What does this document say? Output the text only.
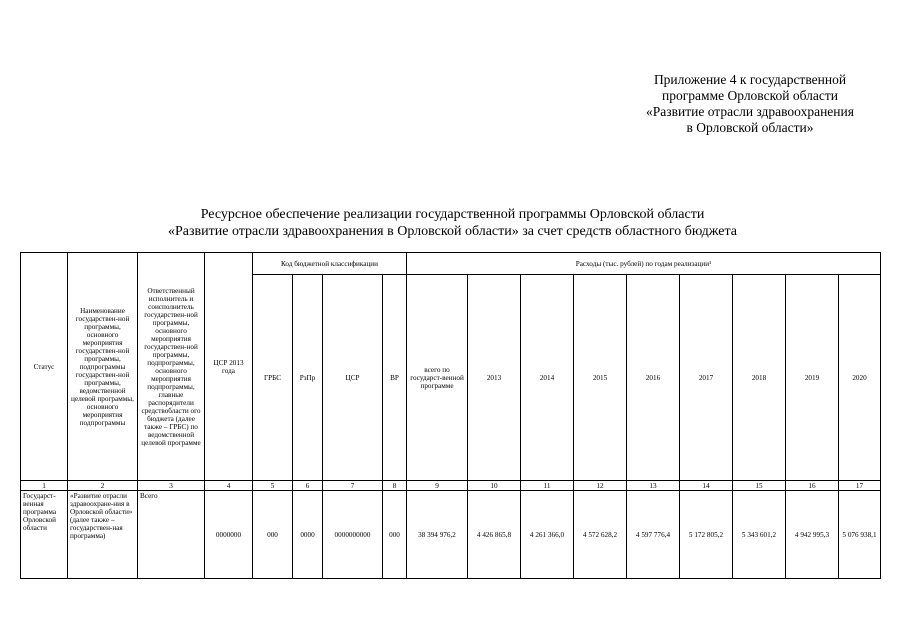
Приложение 4 к государственной
программе Орловской области
«Развитие отрасли здравоохранения
в Орловской области»
Ресурсное обеспечение реализации государственной программы Орловской области
«Развитие отрасли здравоохранения в Орловской области» за счет средств областного бюджета
Статус	Наименование государствен-ной программы, основного мероприятия государствен-ной программы, подпрограммы государствен-ной программы, ведомственной целевой программы, основного мероприятия подпрограммы	Ответственный исполнитель и соисполнитель государствен-ной программы, основного мероприятия государствен-ной программы, подпрограммы, основного мероприятия подпрограммы, главные распорядители средствобласти ого бюджета (далее также – ГРБС) по ведомственной целевой программе	ЦСР 2013 года	Код бюджетной классификации				Расходы (тыс. рублей) по годам реализации¹								
				ГРБС	РзПр	ЦСР	ВР	всего по государст-венной программе	2013	2014	2015	2016	2017	2018	2019	2020
1	2	3	4	5	6	7	8	9	10	11	12	13	14	15	16	17
Государст-венная программа Орловской области	«Развитие отрасли здравоохране-ния в Орловской области» (далее также – государствен-ная программа)	Всего	0000000	000	0000	0000000000	000	38 394 976,2	4 426 865,8	4 261 366,0	4 572 628,2	4 597 776,4	5 172 805,2	5 343 601,2	4 942 995,3	5 076 938,1
